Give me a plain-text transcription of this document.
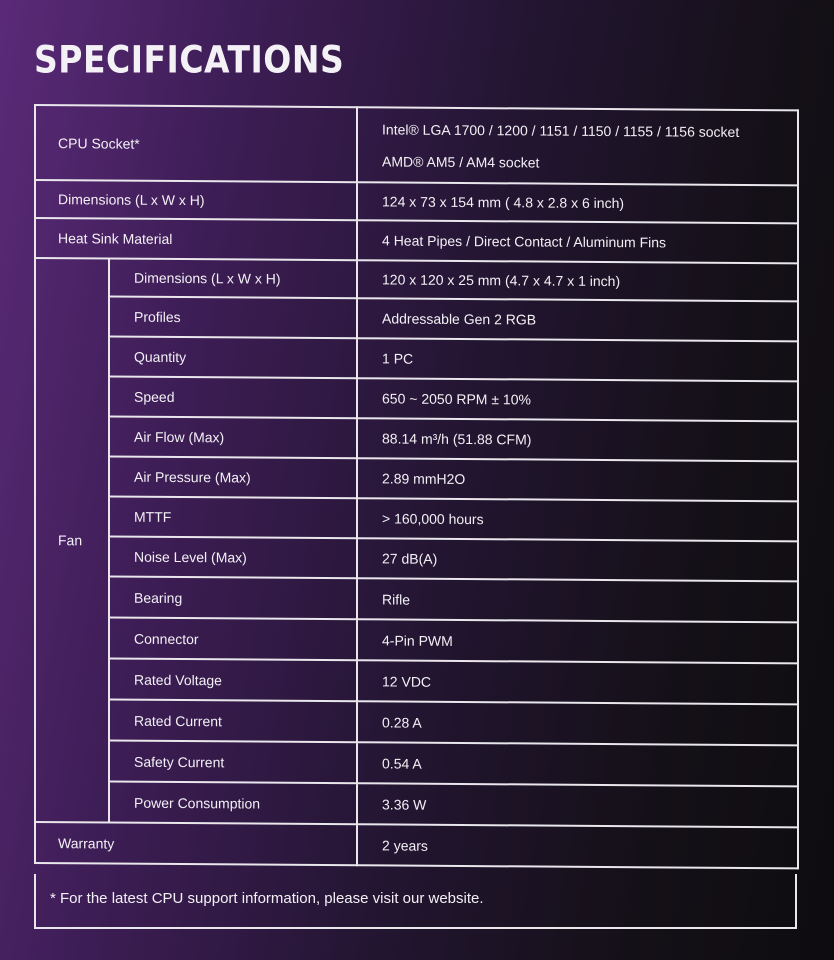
SPECIFICATIONS
CPU Socket*		Intel® LGA 1700 / 1200 / 1151 / 1150 / 1155 / 1156 socket
AMD® AM5 / AM4 socket

Dimensions (L x W x H)		124 x 73 x 154 mm ( 4.8 x 2.8 x 6 inch)
Heat Sink Material		4 Heat Pipes / Direct Contact / Aluminum Fins
Fan	Dimensions (L x W x H)	120 x 120 x 25 mm (4.7 x 4.7 x 1 inch)
	Profiles	Addressable Gen 2 RGB
	Quantity	1 PC
	Speed	650 ~ 2050 RPM ± 10%
	Air Flow (Max)	88.14 m³/h (51.88 CFM)
	Air Pressure (Max)	2.89 mmH2O
	MTTF	> 160,000 hours
	Noise Level (Max)	27 dB(A)
	Bearing	Rifle
	Connector	4-Pin PWM
	Rated Voltage	12 VDC
	Rated Current	0.28 A
	Safety Current	0.54 A
	Power Consumption	3.36 W
Warranty		2 years
* For the latest CPU support information, please visit our website.
